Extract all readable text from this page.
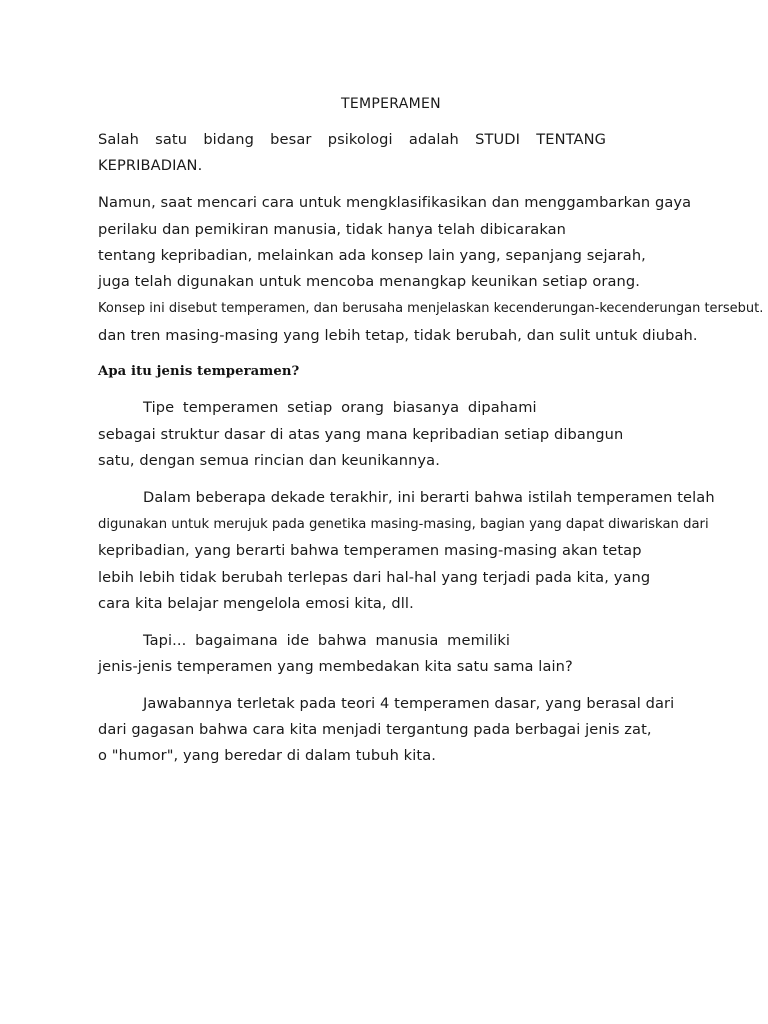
TEMPERAMEN
Salah satu bidang besar psikologi adalah STUDI TENTANG
KEPRIBADIAN.
Namun, saat mencari cara untuk mengklasifikasikan dan menggambarkan gaya
perilaku dan pemikiran manusia, tidak hanya telah dibicarakan
tentang kepribadian, melainkan ada konsep lain yang, sepanjang sejarah,
juga telah digunakan untuk mencoba menangkap keunikan setiap orang.
Konsep ini disebut temperamen, dan berusaha menjelaskan kecenderungan-kecenderungan tersebut.
dan tren masing-masing yang lebih tetap, tidak berubah, dan sulit untuk diubah.
Apa itu jenis temperamen?
Tipe temperamen setiap orang biasanya dipahami
sebagai struktur dasar di atas yang mana kepribadian setiap dibangun
satu, dengan semua rincian dan keunikannya.
Dalam beberapa dekade terakhir, ini berarti bahwa istilah temperamen telah
digunakan untuk merujuk pada genetika masing-masing, bagian yang dapat diwariskan dari
kepribadian, yang berarti bahwa temperamen masing-masing akan tetap
lebih lebih tidak berubah terlepas dari hal-hal yang terjadi pada kita, yang
cara kita belajar mengelola emosi kita, dll.
Tapi... bagaimana ide bahwa manusia memiliki
jenis-jenis temperamen yang membedakan kita satu sama lain?
Jawabannya terletak pada teori 4 temperamen dasar, yang berasal dari
dari gagasan bahwa cara kita menjadi tergantung pada berbagai jenis zat,
o "humor", yang beredar di dalam tubuh kita.
